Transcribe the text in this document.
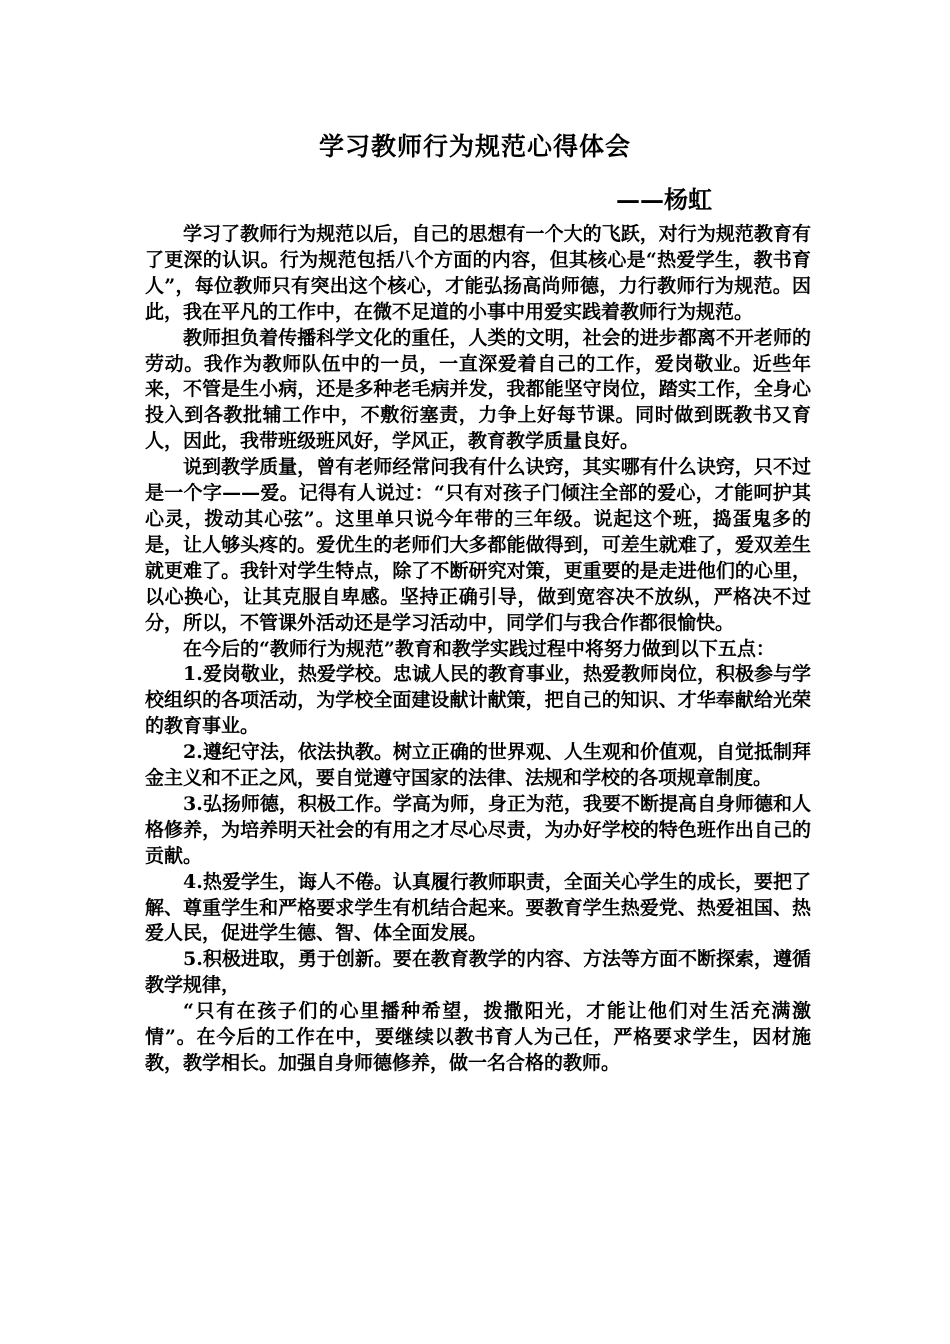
学习教师行为规范心得体会
——杨虹

学习了教师行为规范以后，自己的思想有一个大的飞跃，对行为规范教育有了更深的认识。行为规范包括八个方面的内容，但其核心是“热爱学生，教书育人”，每位教师只有突出这个核心，才能弘扬高尚师德，力行教师行为规范。因此，我在平凡的工作中，在微不足道的小事中用爱实践着教师行为规范。

教师担负着传播科学文化的重任，人类的文明，社会的进步都离不开老师的劳动。我作为教师队伍中的一员，一直深爱着自己的工作，爱岗敬业。近些年来，不管是生小病，还是多种老毛病并发，我都能坚守岗位，踏实工作，全身心投入到各教批辅工作中，不敷衍塞责，力争上好每节课。同时做到既教书又育人，因此，我带班级班风好，学风正，教育教学质量良好。

说到教学质量，曾有老师经常问我有什么诀窍，其实哪有什么诀窍，只不过是一个字——爱。记得有人说过：“只有对孩子门倾注全部的爱心，才能呵护其心灵，拨动其心弦”。这里单只说今年带的三年级。说起这个班，捣蛋鬼多的是，让人够头疼的。爱优生的老师们大多都能做得到，可差生就难了，爱双差生就更难了。我针对学生特点，除了不断研究对策，更重要的是走进他们的心里，以心换心，让其克服自卑感。坚持正确引导，做到宽容决不放纵，严格决不过分，所以，不管课外活动还是学习活动中，同学们与我合作都很愉快。

在今后的“教师行为规范”教育和教学实践过程中将努力做到以下五点：

1.爱岗敬业，热爱学校。忠诚人民的教育事业，热爱教师岗位，积极参与学校组织的各项活动，为学校全面建设献计献策，把自己的知识、才华奉献给光荣的教育事业。

2.遵纪守法，依法执教。树立正确的世界观、人生观和价值观，自觉抵制拜金主义和不正之风，要自觉遵守国家的法律、法规和学校的各项规章制度。

3.弘扬师德，积极工作。学高为师，身正为范，我要不断提高自身师德和人格修养，为培养明天社会的有用之才尽心尽责，为办好学校的特色班作出自己的贡献。

4.热爱学生，诲人不倦。认真履行教师职责，全面关心学生的成长，要把了解、尊重学生和严格要求学生有机结合起来。要教育学生热爱党、热爱祖国、热爱人民，促进学生德、智、体全面发展。

5.积极进取，勇于创新。要在教育教学的内容、方法等方面不断探索，遵循教学规律，

“只有在孩子们的心里播种希望，拨撒阳光，才能让他们对生活充满激情”。在今后的工作在中，要继续以教书育人为己任，严格要求学生，因材施教，教学相长。加强自身师德修养，做一名合格的教师。
